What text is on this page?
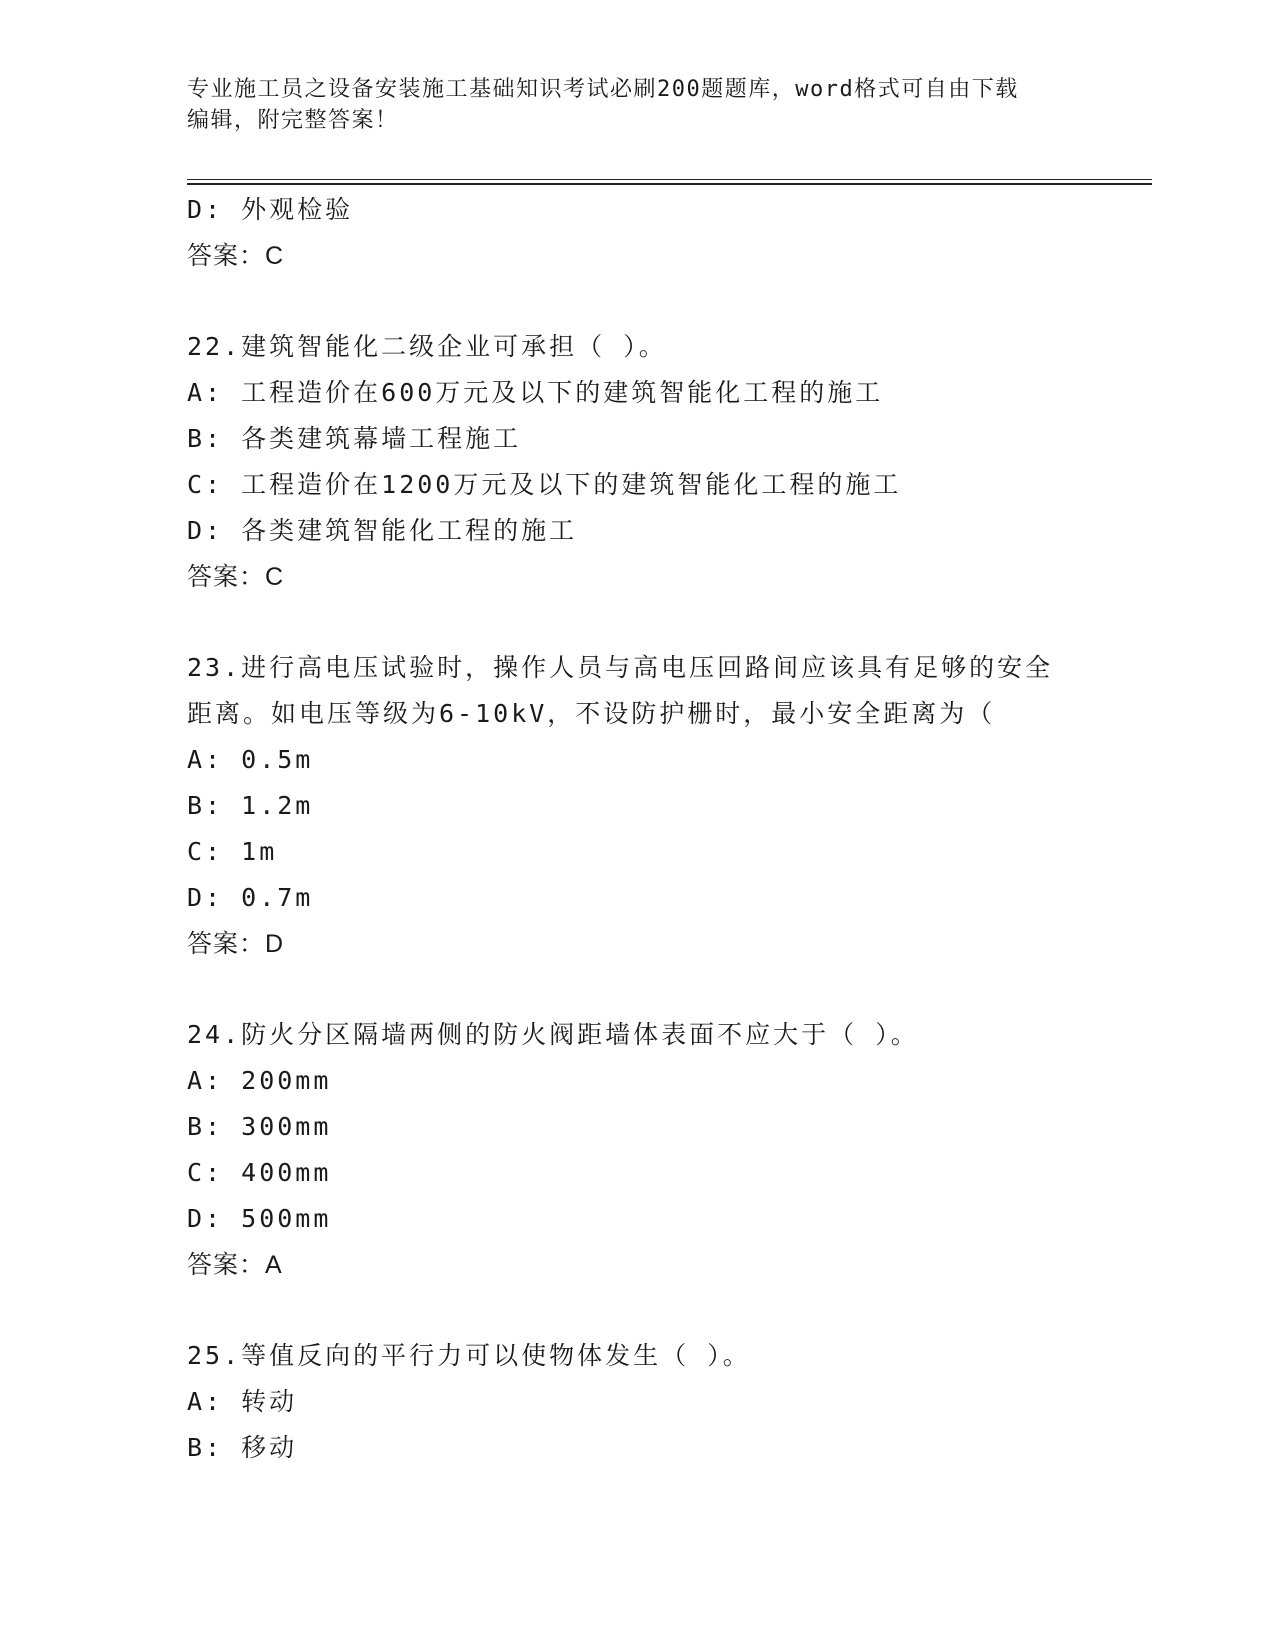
专业施工员之设备安装施工基础知识考试必刷200题题库，word格式可自由下载
编辑，附完整答案！
D: 外观检验
答案：C
22.建筑智能化二级企业可承担（ ）。
A: 工程造价在600万元及以下的建筑智能化工程的施工
B: 各类建筑幕墙工程施工
C: 工程造价在1200万元及以下的建筑智能化工程的施工
D: 各类建筑智能化工程的施工
答案：C
23.进行高电压试验时，操作人员与高电压回路间应该具有足够的安全
距离。如电压等级为6-10kV，不设防护栅时，最小安全距离为（
A: 0.5m
B: 1.2m
C: 1m
D: 0.7m
答案：D
24.防火分区隔墙两侧的防火阀距墙体表面不应大于（ ）。
A: 200mm
B: 300mm
C: 400mm
D: 500mm
答案：A
25.等值反向的平行力可以使物体发生（ ）。
A: 转动
B: 移动
